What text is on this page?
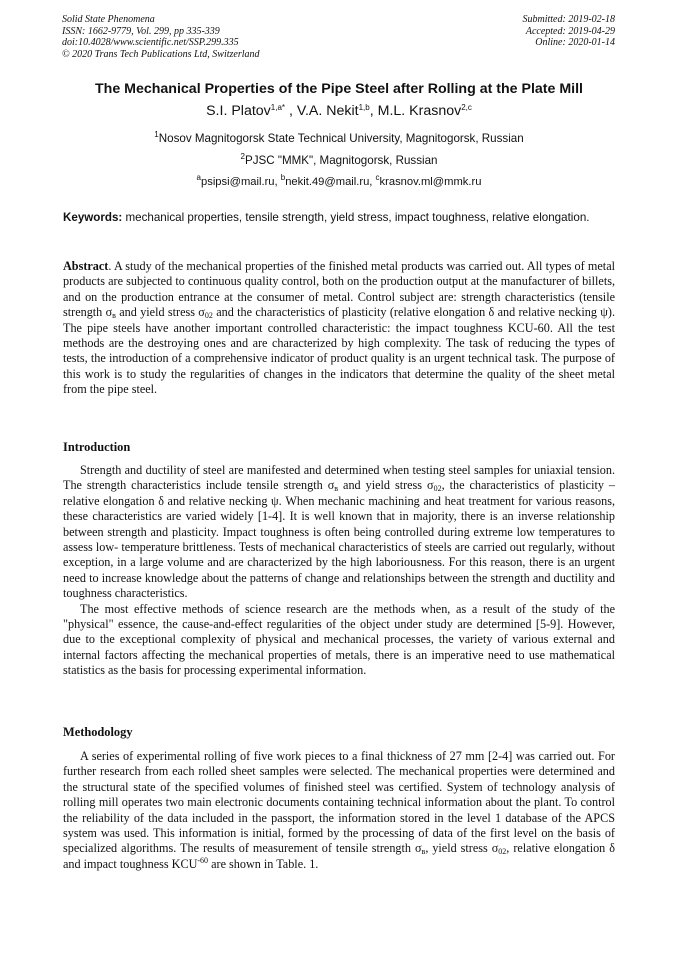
Solid State Phenomena
ISSN: 1662-9779, Vol. 299, pp 335-339
doi:10.4028/www.scientific.net/SSP.299.335
© 2020 Trans Tech Publications Ltd, Switzerland
Submitted: 2019-02-18
Accepted: 2019-04-29
Online: 2020-01-14
The Mechanical Properties of the Pipe Steel after Rolling at the Plate Mill
S.I. Platov$^{1,a*}$ , V.A. Nekit$^{1,b}$, M.L. Krasnov$^{2,c}$
$^1$Nosov Magnitogorsk State Technical University, Magnitogorsk, Russian
$^2$PJSC "MMK", Magnitogorsk, Russian
$^a$psipsi@mail.ru, $^b$nekit.49@mail.ru, $^c$krasnov.ml@mmk.ru
Keywords: mechanical properties, tensile strength, yield stress, impact toughness, relative elongation.

Abstract. A study of the mechanical properties of the finished metal products was carried out. All types of metal products are subjected to continuous quality control, both on the production output at the manufacturer of billets, and on the production entrance at the consumer of metal. Control subject are: strength characteristics (tensile strength $\sigma_в$ and yield stress $\sigma_{02}$ and the characteristics of plasticity (relative elongation δ and relative necking ψ). The pipe steels have another important controlled characteristic: the impact toughness KCU-60. All the test methods are the destroying ones and are characterized by high complexity. The task of reducing the types of tests, the introduction of a comprehensive indicator of product quality is an urgent technical task. The purpose of this work is to study the regularities of changes in the indicators that determine the quality of the sheet metal from the pipe steel.

Introduction

Strength and ductility of steel are manifested and determined when testing steel samples for uniaxial tension. The strength characteristics include tensile strength $\sigma_в$ and yield stress $\sigma_{02}$, the characteristics of plasticity – relative elongation δ and relative necking ψ. When mechanic machining and heat treatment for various reasons, these characteristics are varied widely [1-4]. It is well known that in majority, there is an inverse relationship between strength and plasticity. Impact toughness is often being controlled during extreme low temperatures to assess low- temperature brittleness. Tests of mechanical characteristics of steels are carried out regularly, without exception, in a large volume and are characterized by the high laboriousness. For this reason, there is an urgent need to increase knowledge about the patterns of change and relationships between the strength and ductility and toughness characteristics.

The most effective methods of science research are the methods when, as a result of the study of the "physical" essence, the cause-and-effect regularities of the object under study are determined [5-9]. However, due to the exceptional complexity of physical and mechanical processes, the variety of various external and internal factors affecting the mechanical properties of metals, there is an imperative need to use mathematical statistics as the basis for processing experimental information.

Methodology

A series of experimental rolling of five work pieces to a final thickness of 27 mm [2-4] was carried out. For further research from each rolled sheet samples were selected. The mechanical properties were determined and the structural state of the specified volumes of finished steel was certified. System of technology analysis of rolling mill operates two main electronic documents containing technical information about the plant. To control the reliability of the data included in the passport, the information stored in the level 1 database of the APCS system was used. This information is initial, formed by the processing of data of the first level on the basis of specialized algorithms. The results of measurement of tensile strength $\sigma_в$, yield stress $\sigma_{02}$, relative elongation δ and impact toughness $KCU^{-60}$ are shown in Table. 1.
